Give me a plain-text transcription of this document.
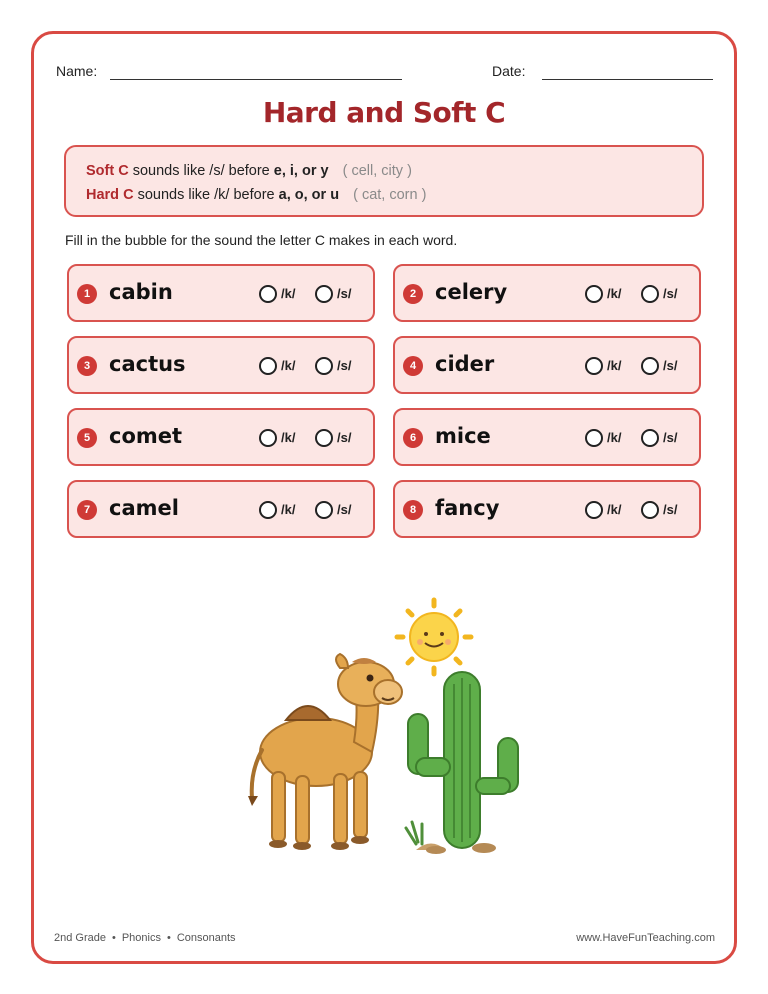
Name:	Date:
Hard and Soft C
Soft C sounds like /s/ before e, i, or y ( cell, city )
Hard C sounds like /k/ before a, o, or u ( cat, corn )
Fill in the bubble for the sound the letter C makes in each word.
1 cabin	/k/	/s/	2 celery	/k/	/s/
3 cactus	/k/	/s/	4 cider	/k/	/s/
5 comet	/k/	/s/	6 mice	/k/	/s/
7 camel	/k/	/s/	8 fancy	/k/	/s/
2nd Grade • Phonics • Consonants	www.HaveFunTeaching.com
